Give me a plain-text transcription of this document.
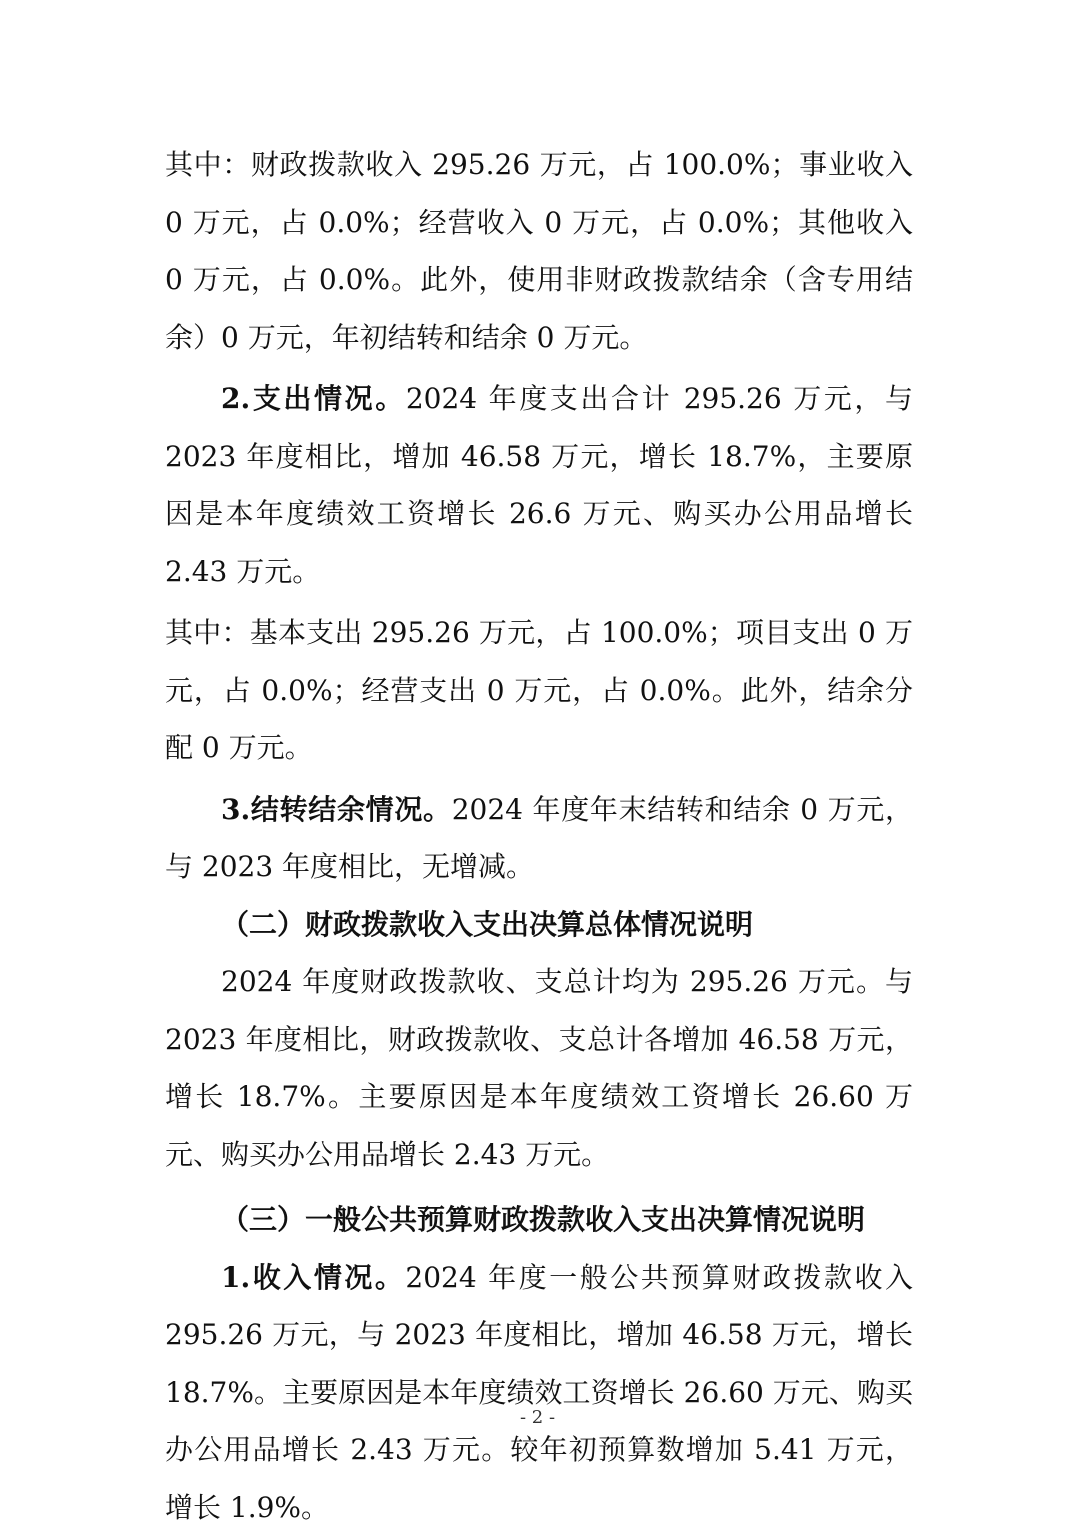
其中：财政拨款收入 295.26 万元，占 100.0%；事业收入 0 万元，占 0.0%；经营收入 0 万元，占 0.0%；其他收入 0 万元，占 0.0%。此外，使用非财政拨款结余（含专用结余）0 万元，年初结转和结余 0 万元。

2.支出情况。2024 年度支出合计 295.26 万元，与 2023 年度相比，增加 46.58 万元，增长 18.7%，主要原因是本年度绩效工资增长 26.6 万元、购买办公用品增长 2.43 万元。

其中：基本支出 295.26 万元，占 100.0%；项目支出 0 万元，占 0.0%；经营支出 0 万元，占 0.0%。此外，结余分配 0 万元。

3.结转结余情况。2024 年度年末结转和结余 0 万元，与 2023 年度相比，无增减。

（二）财政拨款收入支出决算总体情况说明

2024 年度财政拨款收、支总计均为 295.26 万元。与 2023 年度相比，财政拨款收、支总计各增加 46.58 万元，增长 18.7%。主要原因是本年度绩效工资增长 26.60 万元、购买办公用品增长 2.43 万元。

（三）一般公共预算财政拨款收入支出决算情况说明

1.收入情况。2024 年度一般公共预算财政拨款收入 295.26 万元，与 2023 年度相比，增加 46.58 万元，增长 18.7%。主要原因是本年度绩效工资增长 26.60 万元、购买办公用品增长 2.43 万元。较年初预算数增加 5.41 万元，增长 1.9%。

- 2 -
